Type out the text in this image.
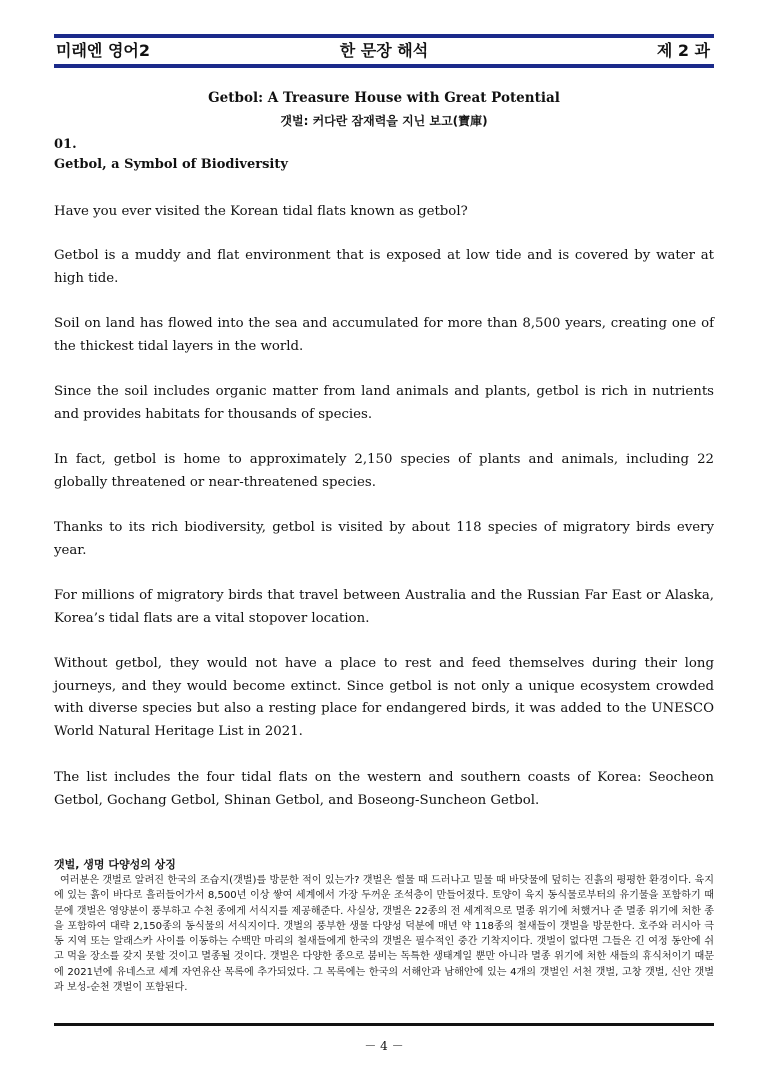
미래엔 영어2	한 문장 해석	제 2 과
Getbol: A Treasure House with Great Potential
갯벌: 커다란 잠재력을 지닌 보고(寶庫)
01.
Getbol, a Symbol of Biodiversity

Have you ever visited the Korean tidal flats known as getbol?

Getbol is a muddy and flat environment that is exposed at low tide and is covered by water at high tide.

Soil on land has flowed into the sea and accumulated for more than 8,500 years, creating one of the thickest tidal layers in the world.

Since the soil includes organic matter from land animals and plants, getbol is rich in nutrients and provides habitats for thousands of species.

In fact, getbol is home to approximately 2,150 species of plants and animals, including 22 globally threatened or near-threatened species.

Thanks to its rich biodiversity, getbol is visited by about 118 species of migratory birds every year.

For millions of migratory birds that travel between Australia and the Russian Far East or Alaska, Korea’s tidal flats are a vital stopover location.

Without getbol, they would not have a place to rest and feed themselves during their long journeys, and they would become extinct. Since getbol is not only a unique ecosystem crowded with diverse species but also a resting place for endangered birds, it was added to the UNESCO World Natural Heritage List in 2021.

The list includes the four tidal flats on the western and southern coasts of Korea: Seocheon Getbol, Gochang Getbol, Shinan Getbol, and Boseong-Suncheon Getbol.

갯벌, 생명 다양성의 상징

여러분은 갯벌로 알려진 한국의 조습지(갯벌)를 방문한 적이 있는가? 갯벌은 썰물 때 드러나고 밀물 때 바닷물에 덮히는 진흙의 평평한 환경이다. 육지에 있는 흙이 바다로 흘러들어가서 8,500년 이상 쌓여 세계에서 가장 두꺼운 조석층이 만들어졌다. 토양이 육지 동식물로부터의 유기물을 포함하기 때문에 갯벌은 영양분이 풍부하고 수천 종에게 서식지를 제공해준다. 사실상, 갯벌은 22종의 전 세계적으로 멸종 위기에 처했거나 준 멸종 위기에 처한 종을 포함하여 대략 2,150종의 동식물의 서식지이다. 갯벌의 풍부한 생물 다양성 덕분에 매년 약 118종의 철새들이 갯벌을 방문한다. 호주와 러시아 극동 지역 또는 알래스카 사이를 이동하는 수백만 마리의 철새들에게 한국의 갯벌은 필수적인 중간 기착지이다. 갯벌이 없다면 그들은 긴 여정 동안에 쉬고 먹을 장소를 갖지 못할 것이고 멸종될 것이다. 갯벌은 다양한 종으로 붐비는 독특한 생태계일 뿐만 아니라 멸종 위기에 처한 새들의 휴식처이기 때문에 2021년에 유네스코 세계 자연유산 목록에 추가되었다. 그 목록에는 한국의 서해안과 남해안에 있는 4개의 갯벌인 서천 갯벌, 고창 갯벌, 신안 갯벌과 보성-순천 갯벌이 포함된다.

－ 4 －
